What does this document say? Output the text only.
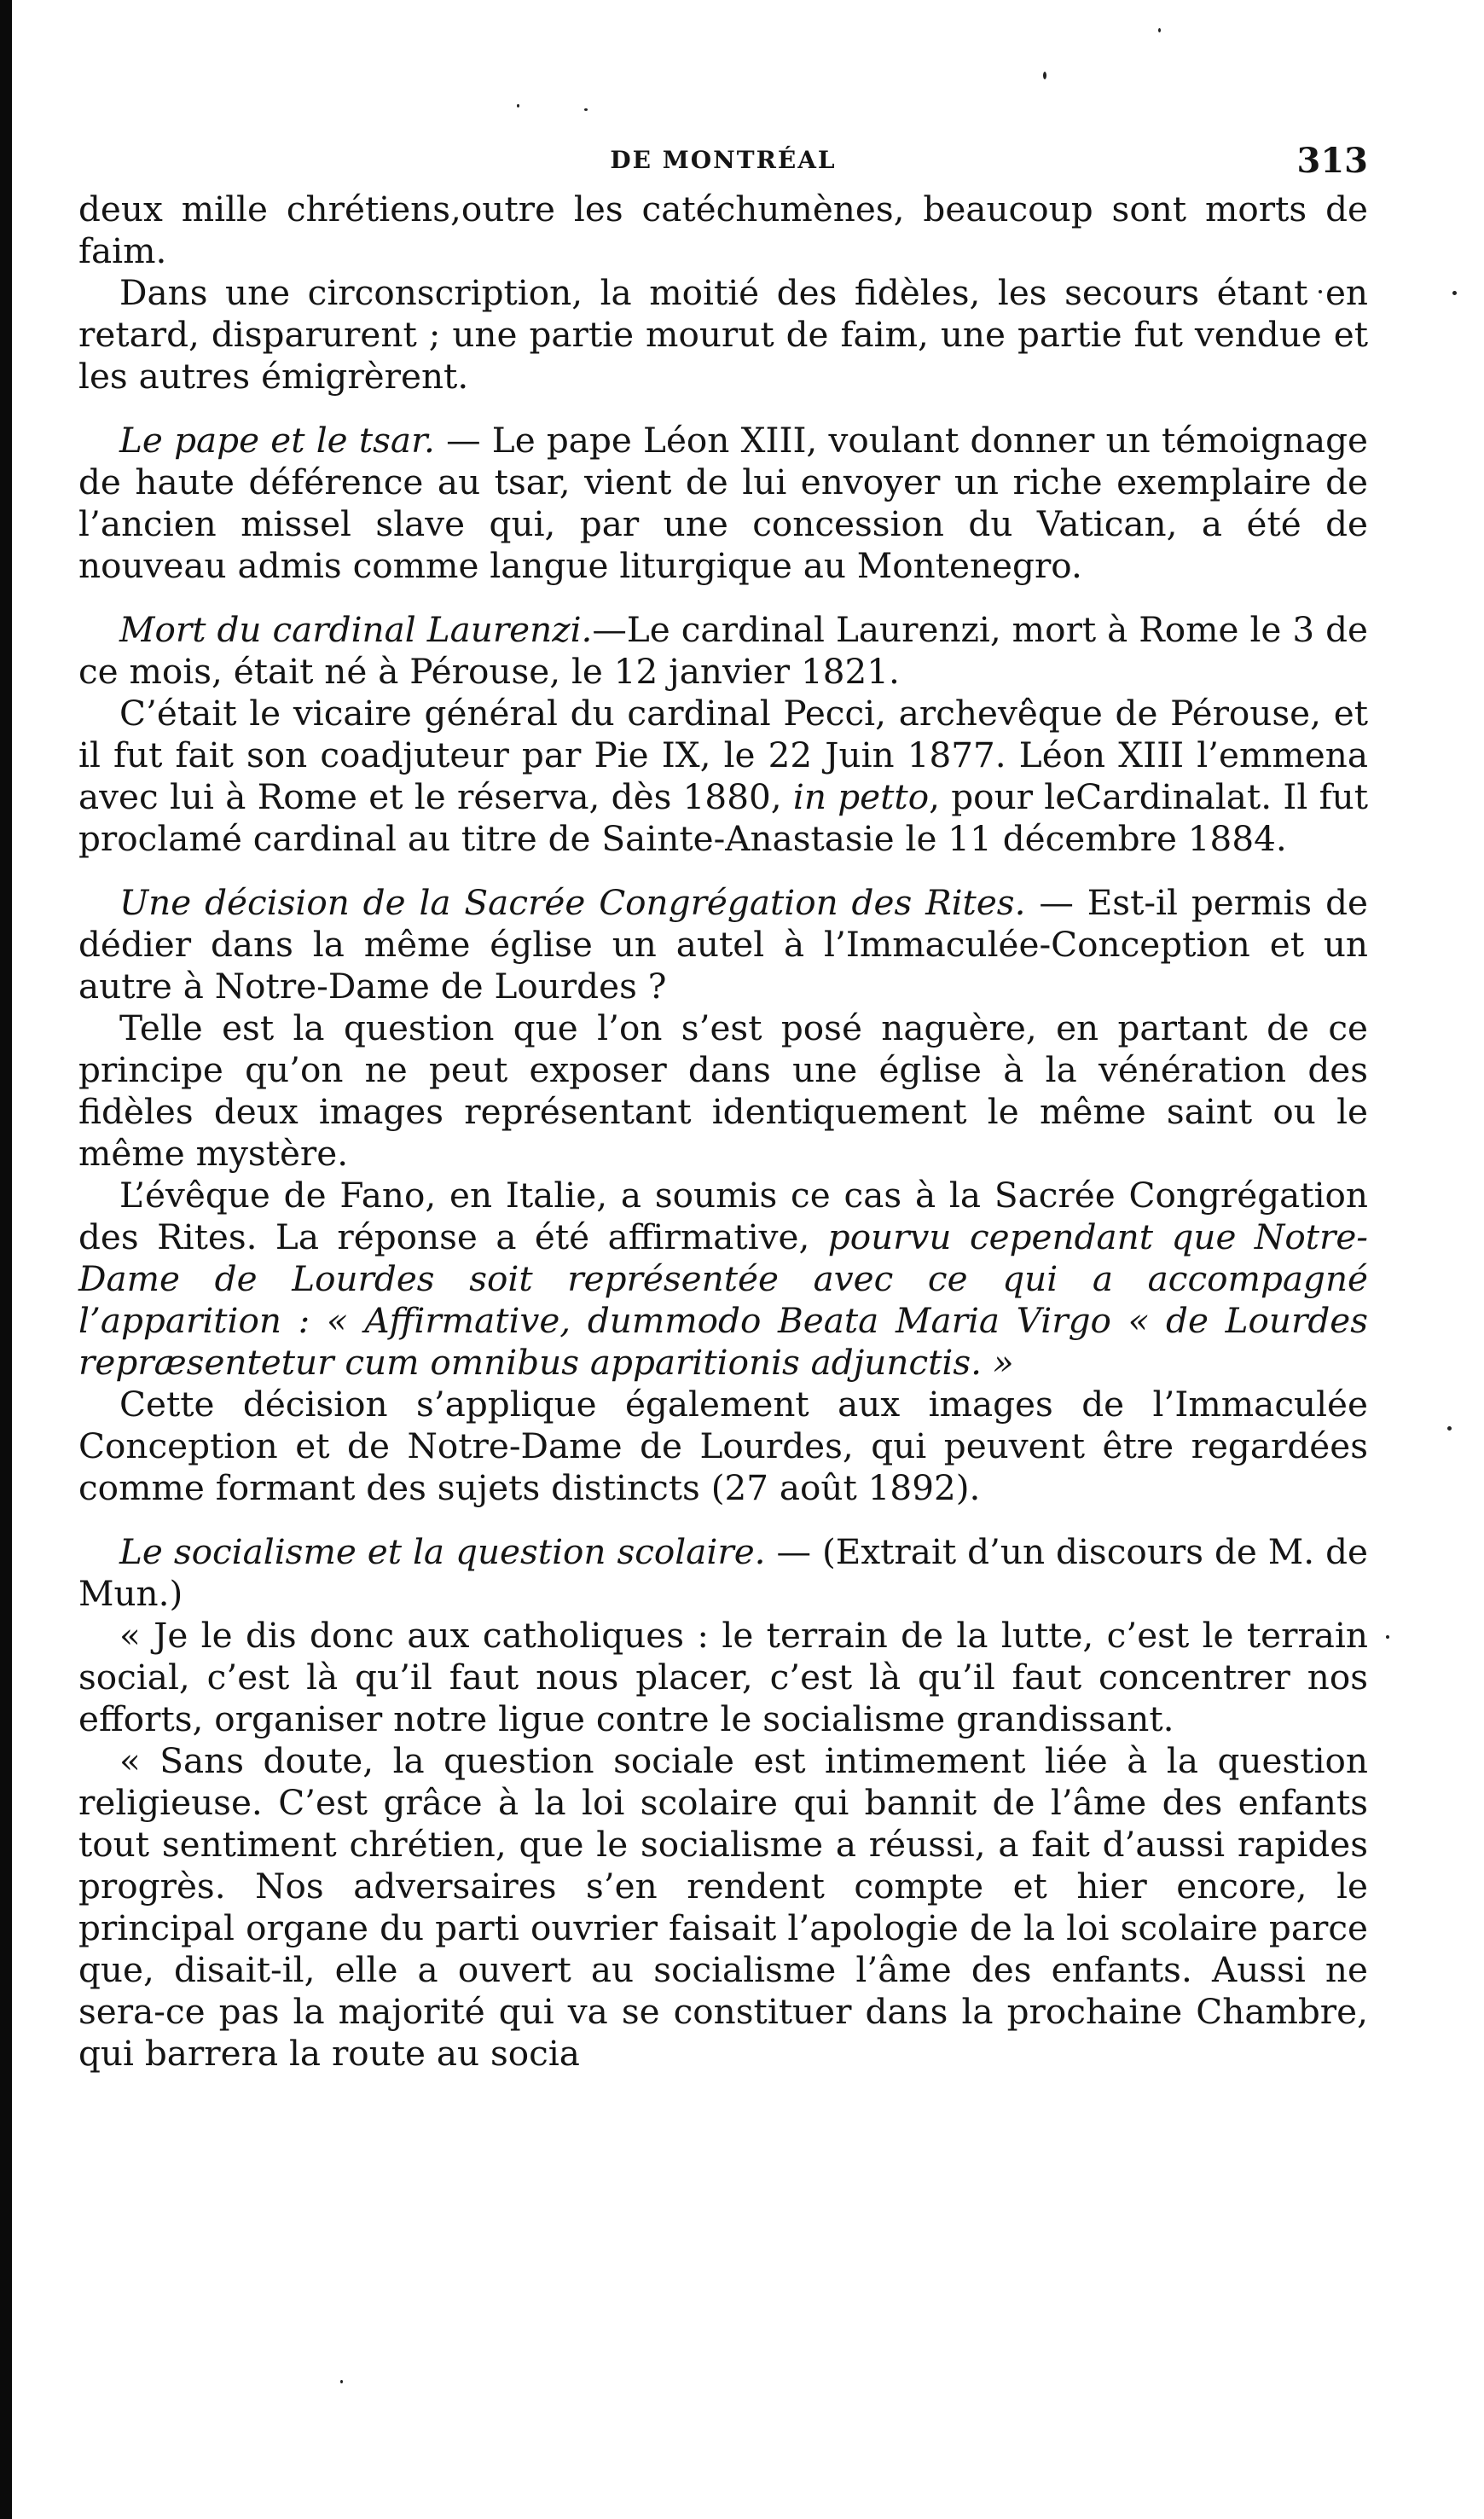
DE MONTRÉAL	313

deux mille chrétiens,outre les catéchumènes, beaucoup sont morts de faim.

Dans une circonscription, la moitié des fidèles, les secours étant en retard, disparurent ; une partie mourut de faim, une partie fut vendue et les autres émigrèrent.

Le pape et le tsar. — Le pape Léon XIII, voulant donner un témoignage de haute déférence au tsar, vient de lui envoyer un riche exemplaire de l’ancien missel slave qui, par une concession du Vatican, a été de nouveau admis comme langue liturgique au Montenegro.

Mort du cardinal Laurenzi.—Le cardinal Laurenzi, mort à Rome le 3 de ce mois, était né à Pérouse, le 12 janvier 1821.

C’était le vicaire général du cardinal Pecci, archevêque de Pérouse, et il fut fait son coadjuteur par Pie IX, le 22 Juin 1877. Léon XIII l’emmena avec lui à Rome et le réserva, dès 1880, in petto, pour leCardinalat. Il fut proclamé cardinal au titre de Sainte-Anastasie le 11 décembre 1884.

Une décision de la Sacrée Congrégation des Rites. — Est-il permis de dédier dans la même église un autel à l’Immaculée-Conception et un autre à Notre-Dame de Lourdes ?

Telle est la question que l’on s’est posé naguère, en partant de ce principe qu’on ne peut exposer dans une église à la vénération des fidèles deux images représentant identiquement le même saint ou le même mystère.

L’évêque de Fano, en Italie, a soumis ce cas à la Sacrée Congrégation des Rites. La réponse a été affirmative, pourvu cependant que Notre-Dame de Lourdes soit représentée avec ce qui a accompagné l’apparition : « Affirmative, dummodo Beata Maria Virgo « de Lourdes repræsentetur cum omnibus apparitionis adjunctis. »

Cette décision s’applique également aux images de l’Immaculée Conception et de Notre-Dame de Lourdes, qui peuvent être regardées comme formant des sujets distincts (27 août 1892).

Le socialisme et la question scolaire. — (Extrait d’un discours de M. de Mun.)

« Je le dis donc aux catholiques : le terrain de la lutte, c’est le terrain social, c’est là qu’il faut nous placer, c’est là qu’il faut concentrer nos efforts, organiser notre ligue contre le socialisme grandissant.

« Sans doute, la question sociale est intimement liée à la question religieuse. C’est grâce à la loi scolaire qui bannit de l’âme des enfants tout sentiment chrétien, que le socialisme a réussi, a fait d’aussi rapides progrès. Nos adversaires s’en rendent compte et hier encore, le principal organe du parti ouvrier faisait l’apologie de la loi scolaire parce que, disait-il, elle a ouvert au socialisme l’âme des enfants. Aussi ne sera-ce pas la majorité qui va se constituer dans la prochaine Chambre, qui barrera la route au socia
